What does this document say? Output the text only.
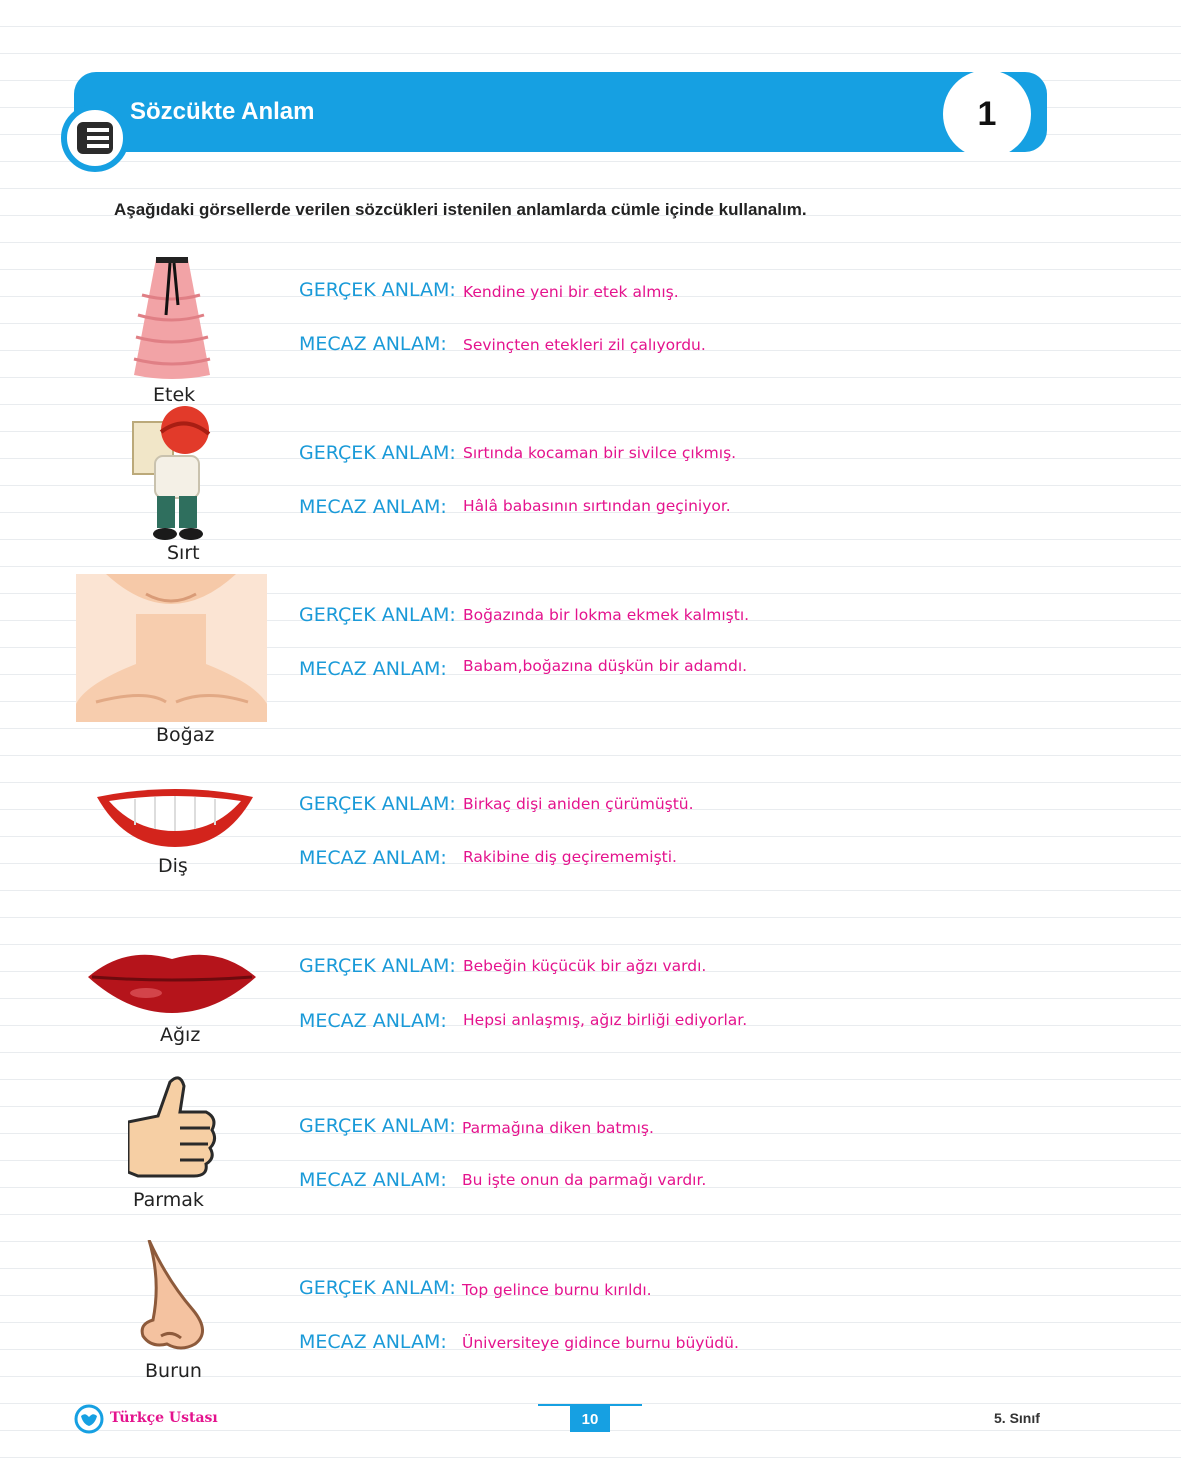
Sözcükte Anlam	1
Aşağıdaki görsellerde verilen sözcükleri istenilen anlamlarda cümle içinde kullanalım.
Etek
GERÇEK ANLAM: Kendine yeni bir etek almış.
MECAZ ANLAM: Sevinçten etekleri zil çalıyordu.
Sırt
GERÇEK ANLAM: Sırtında kocaman bir sivilce çıkmış.
MECAZ ANLAM: Hâlâ babasının sırtından geçiniyor.
Boğaz
GERÇEK ANLAM: Boğazında bir lokma ekmek kalmıştı.
MECAZ ANLAM: Babam,boğazına düşkün bir adamdı.
Diş
GERÇEK ANLAM: Birkaç dişi aniden çürümüştü.
MECAZ ANLAM: Rakibine diş geçirememişti.
Ağız
GERÇEK ANLAM: Bebeğin küçücük bir ağzı vardı.
MECAZ ANLAM: Hepsi anlaşmış, ağız birliği ediyorlar.
Parmak
GERÇEK ANLAM: Parmağına diken batmış.
MECAZ ANLAM: Bu işte onun da parmağı vardır.
Burun
GERÇEK ANLAM: Top gelince burnu kırıldı.
MECAZ ANLAM: Üniversiteye gidince burnu büyüdü.
Türkçe Ustası	10	5. Sınıf
